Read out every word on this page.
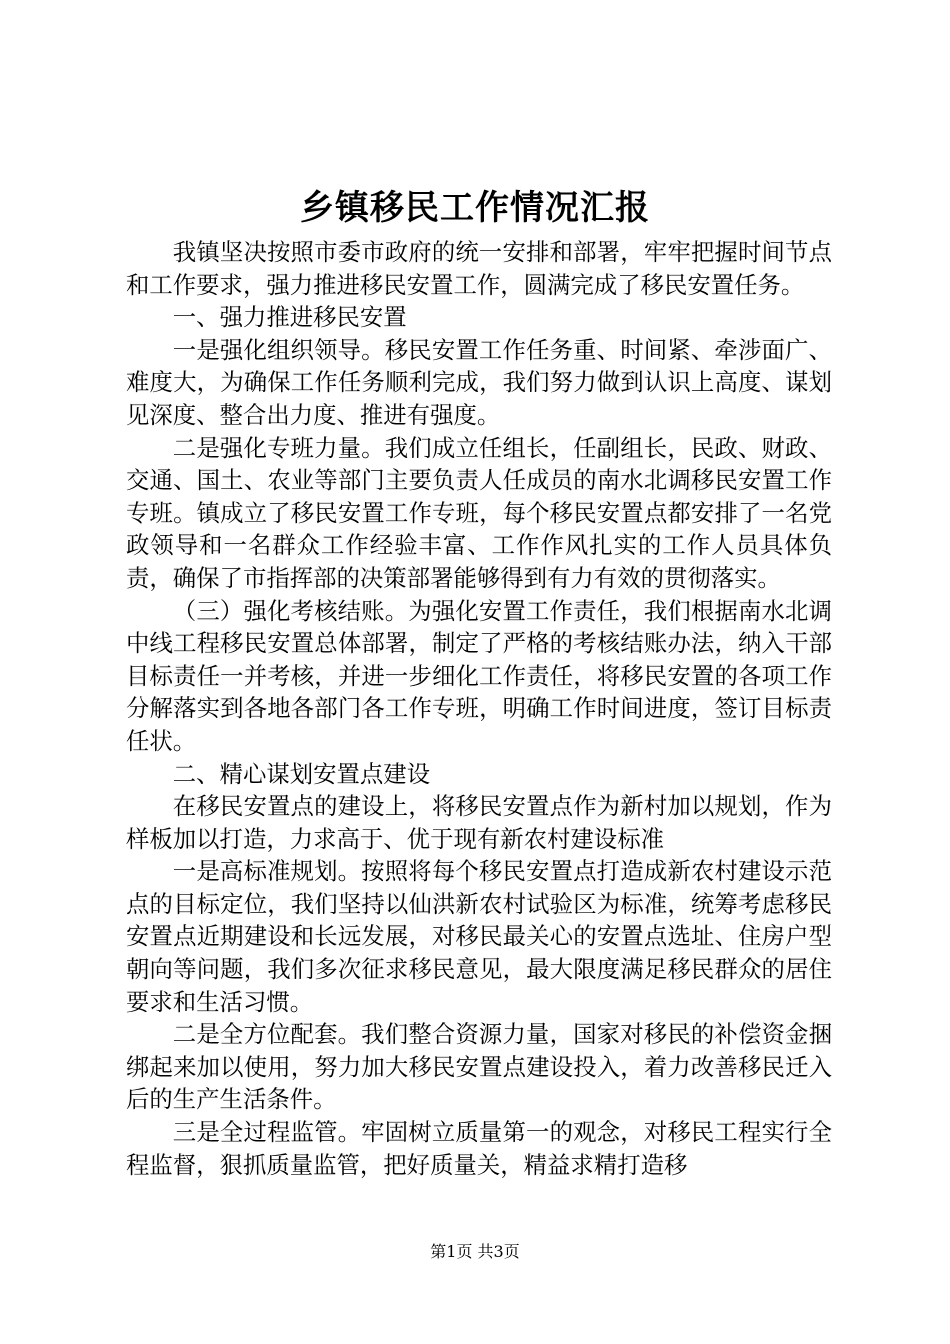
乡镇移民工作情况汇报

我镇坚决按照市委市政府的统一安排和部署，牢牢把握时间节点和工作要求，强力推进移民安置工作，圆满完成了移民安置任务。

一、强力推进移民安置

一是强化组织领导。移民安置工作任务重、时间紧、牵涉面广、难度大，为确保工作任务顺利完成，我们努力做到认识上高度、谋划见深度、整合出力度、推进有强度。

二是强化专班力量。我们成立任组长，任副组长，民政、财政、交通、国土、农业等部门主要负责人任成员的南水北调移民安置工作专班。镇成立了移民安置工作专班，每个移民安置点都安排了一名党政领导和一名群众工作经验丰富、工作作风扎实的工作人员具体负责，确保了市指挥部的决策部署能够得到有力有效的贯彻落实。

（三）强化考核结账。为强化安置工作责任，我们根据南水北调中线工程移民安置总体部署，制定了严格的考核结账办法，纳入干部目标责任一并考核，并进一步细化工作责任，将移民安置的各项工作分解落实到各地各部门各工作专班，明确工作时间进度，签订目标责任状。

二、精心谋划安置点建设

在移民安置点的建设上，将移民安置点作为新村加以规划，作为样板加以打造，力求高于、优于现有新农村建设标准

一是高标准规划。按照将每个移民安置点打造成新农村建设示范点的目标定位，我们坚持以仙洪新农村试验区为标准，统筹考虑移民安置点近期建设和长远发展，对移民最关心的安置点选址、住房户型朝向等问题，我们多次征求移民意见，最大限度满足移民群众的居住要求和生活习惯。

二是全方位配套。我们整合资源力量，国家对移民的补偿资金捆绑起来加以使用，努力加大移民安置点建设投入，着力改善移民迁入后的生产生活条件。

三是全过程监管。牢固树立质量第一的观念，对移民工程实行全程监督，狠抓质量监管，把好质量关，精益求精打造移

第1页 共3页
